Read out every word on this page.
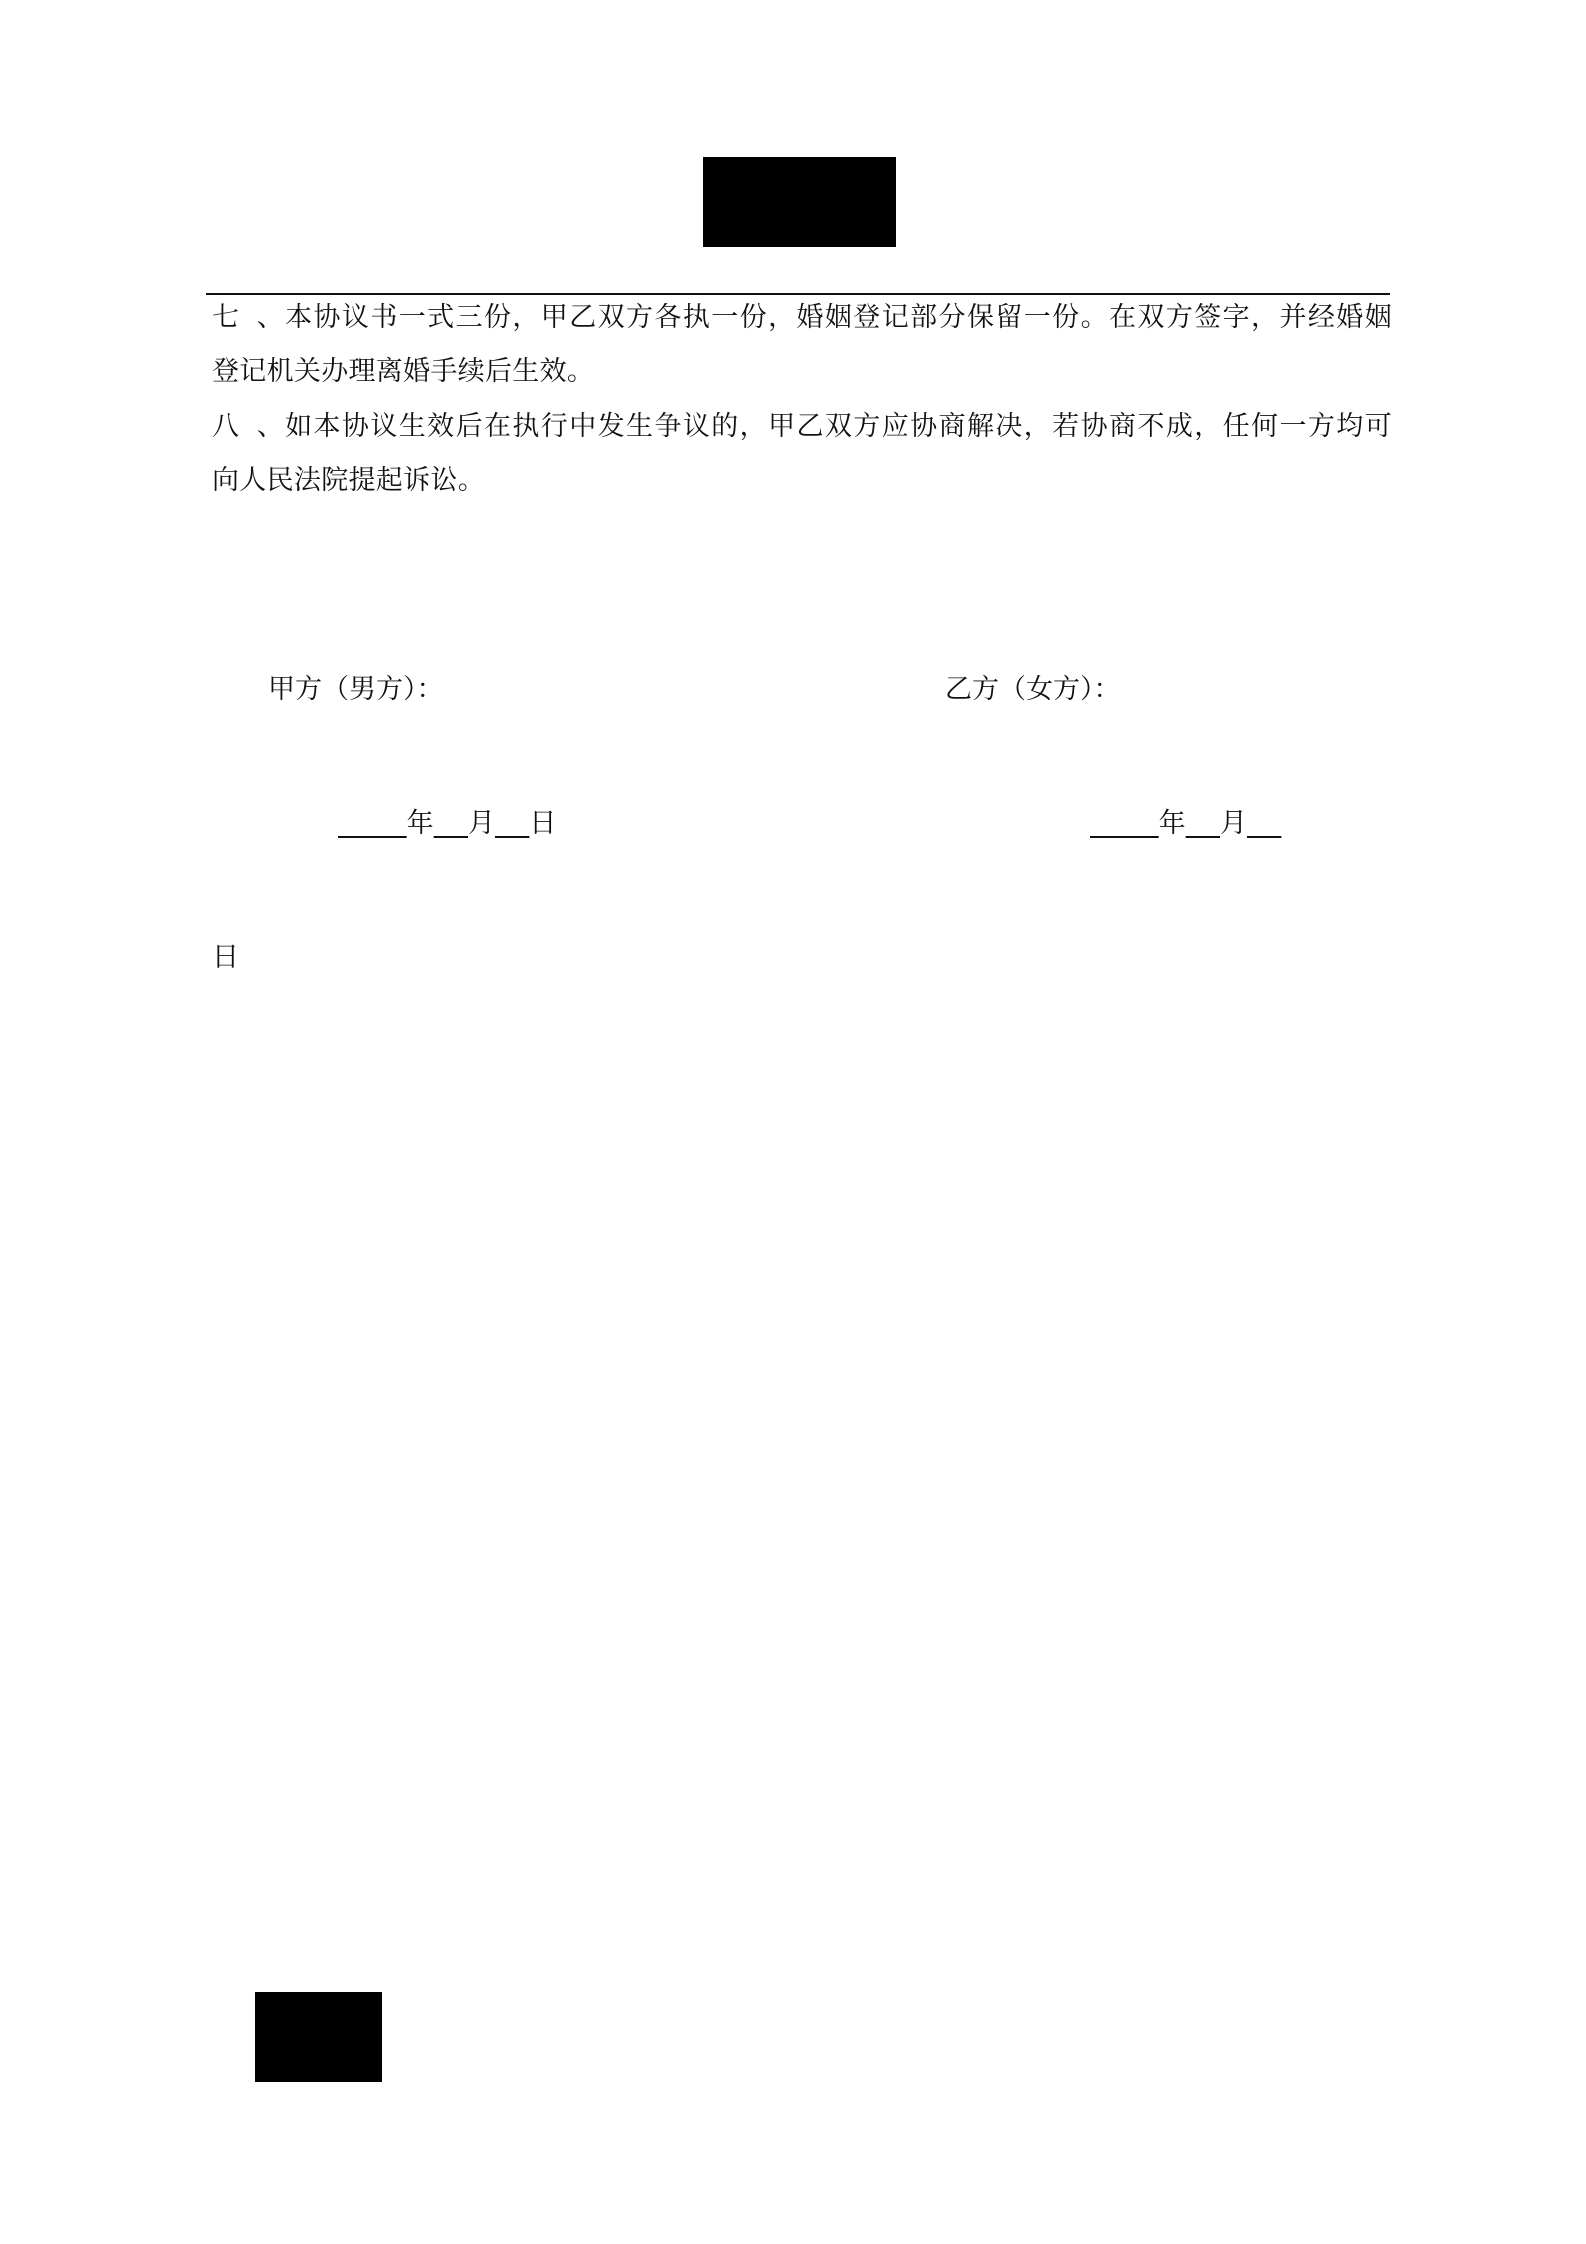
七、本协议书一式三份，甲乙双方各执一份，婚姻登记部分保留一份。在双方签字，并经婚姻
登记机关办理离婚手续后生效。
八、如本协议生效后在执行中发生争议的，甲乙双方应协商解决，若协商不成，任何一方均可
向人民法院提起诉讼。
甲方（男方）：	乙方（女方）：
年 月 日	年 月
日
